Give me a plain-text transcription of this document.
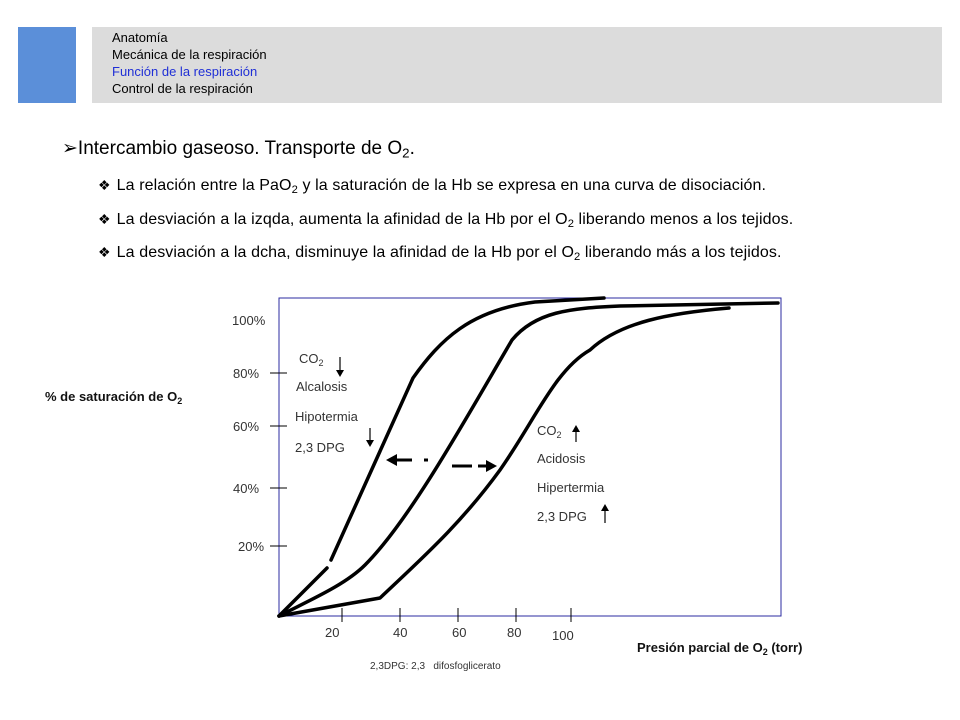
Anatomía
Mecánica de la respiración
Función de la respiración
Control de la respiración
➢Intercambio gaseoso. Transporte de $O_2$.
❖ La relación entre la PaO$_2$ y la saturación de la Hb se expresa en una curva de disociación.
❖ La desviación a la izqda, aumenta la afinidad de la Hb por el $O_2$ liberando menos a los tejidos.
❖ La desviación a la dcha, disminuye la afinidad de la Hb por el $O_2$ liberando más a los tejidos.
100%
80%
60%
40%
20%
20	40	60	80 100
% de saturación de $O_2$
Presión parcial de $O_2$ (torr)
$CO_2$
Alcalosis
Hipotermia
2,3 DPG
$CO_2$
Acidosis
Hipertermia
2,3 DPG
2,3DPG: 2,3   difosfoglicerato
